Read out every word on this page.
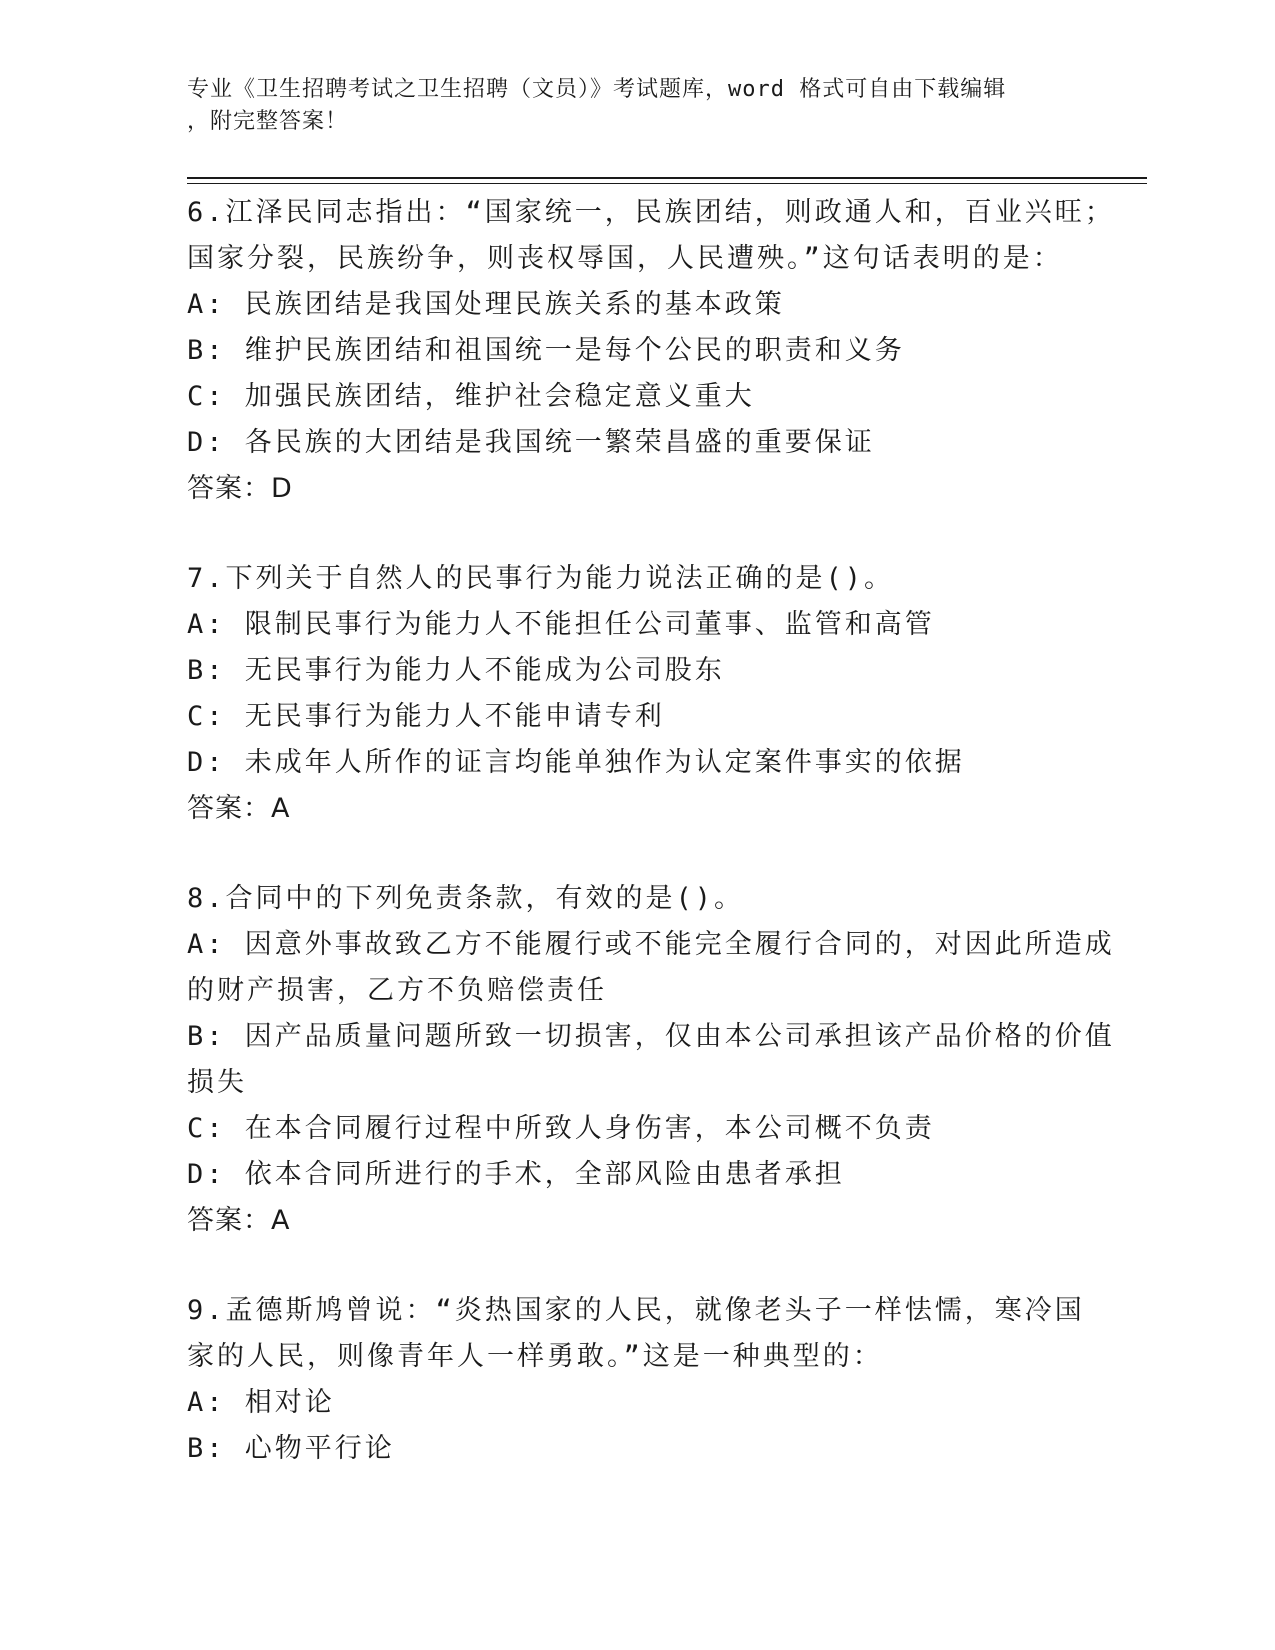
专业《卫生招聘考试之卫生招聘（文员）》考试题库，word 格式可自由下载编辑
，附完整答案！
6.江泽民同志指出：“国家统一，民族团结，则政通人和，百业兴旺；
国家分裂，民族纷争，则丧权辱国，人民遭殃。”这句话表明的是：
A: 民族团结是我国处理民族关系的基本政策
B: 维护民族团结和祖国统一是每个公民的职责和义务
C: 加强民族团结，维护社会稳定意义重大
D: 各民族的大团结是我国统一繁荣昌盛的重要保证
答案：D
7.下列关于自然人的民事行为能力说法正确的是()。
A: 限制民事行为能力人不能担任公司董事、监管和高管
B: 无民事行为能力人不能成为公司股东
C: 无民事行为能力人不能申请专利
D: 未成年人所作的证言均能单独作为认定案件事实的依据
答案：A
8.合同中的下列免责条款，有效的是()。
A: 因意外事故致乙方不能履行或不能完全履行合同的，对因此所造成
的财产损害，乙方不负赔偿责任
B: 因产品质量问题所致一切损害，仅由本公司承担该产品价格的价值
损失
C: 在本合同履行过程中所致人身伤害，本公司概不负责
D: 依本合同所进行的手术，全部风险由患者承担
答案：A
9.孟德斯鸠曾说：“炎热国家的人民，就像老头子一样怯懦，寒冷国
家的人民，则像青年人一样勇敢。”这是一种典型的：
A: 相对论
B: 心物平行论
